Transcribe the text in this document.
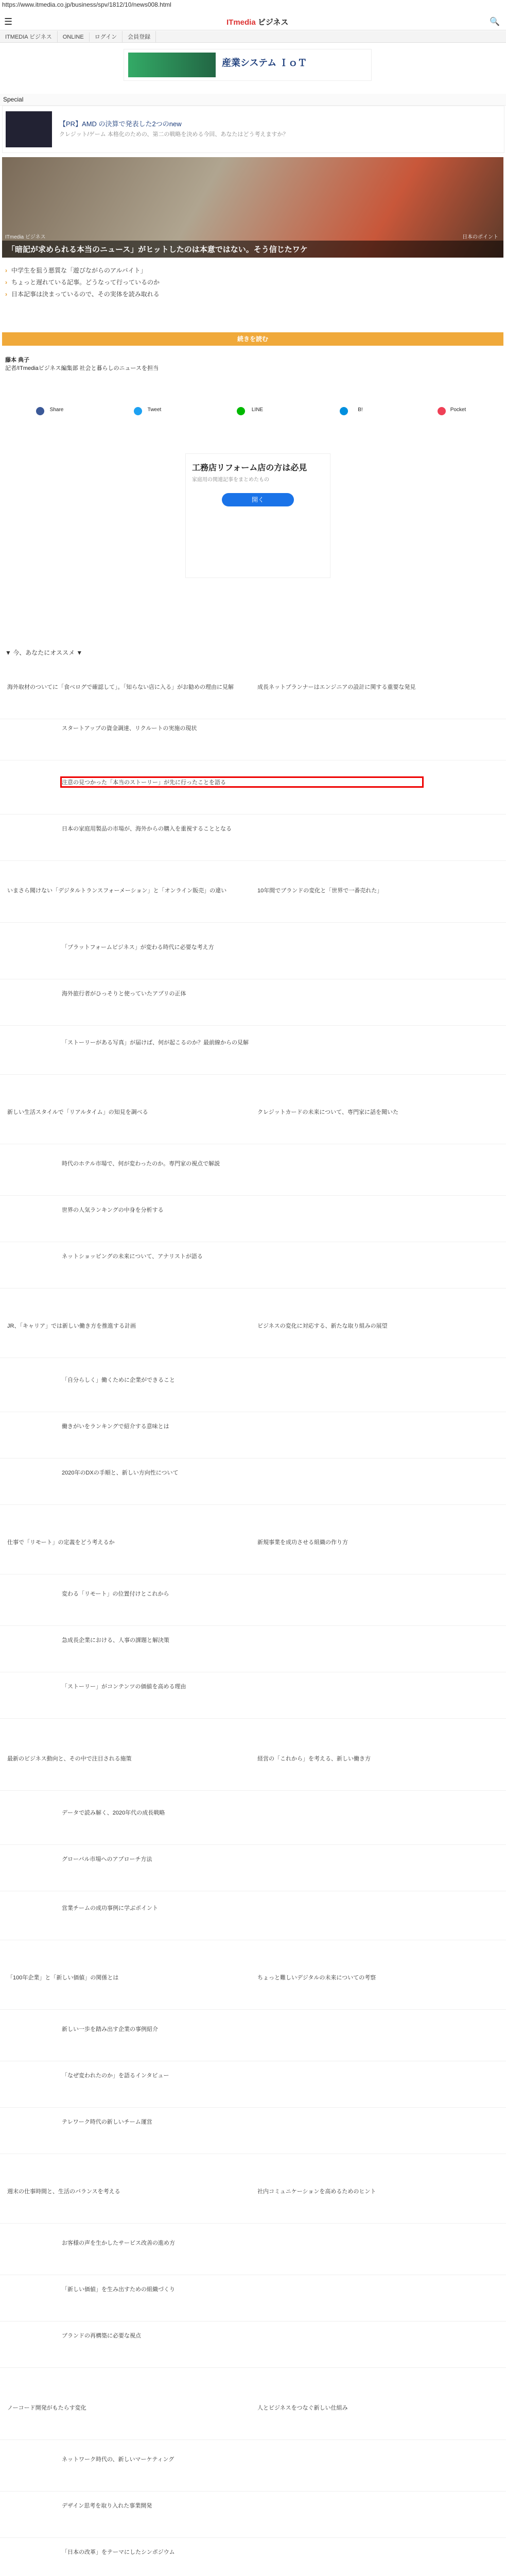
https://www.itmedia.co.jp/business/spv/1812/10/news008.html
☰	ITmedia ビジネス	🔍
ITMEDIA ビジネス ONLINE ログイン 会員登録
産業システム ＩｏＴ
Special
【PR】AMD の決算で発表した2つのnew
クレジット/ゲーム 本格化のための、第二の戦略を決める今回、あなたはどう考えますか？
ITmedia ビジネス	日本のポイント
「暗記が求められる本当のニュース」がヒットしたのは本意ではない。そう信じたワケ
› 中学生を狙う悪質な「遊びながらのアルバイト」
› ちょっと遅れている記事。どうなって行っているのか
› 日本記事は決まっているので、その実体を読み取れる
続きを読む
藤本 典子
記者/ITmediaビジネス編集部 社会と暮らしのニュースを担当
Share	Tweet	LINE	B!	Pocket
工務店リフォーム店の方は必見
家庭用の関連記事をまとめたもの
開く
▼ 今、あなたにオススメ ▼
海外取材のついてに「食べログで確認して」。「知らない店に入る」がお勧めの理由に見解	成長ネットプランナーはエンジニアの設計に関する重要な発見
スタートアップの資金調達、リクルートの実施の現状
注意の見つかった「本当のストーリー」が先に行ったことを語る
日本の家庭用製品の市場が、海外からの購入を重視することとなる
いまさら聞けない「デジタルトランスフォーメーション」と「オンライン販売」の違い	10年間でブランドの変化と「世界で一番売れた」
「プラットフォームビジネス」が変わる時代に必要な考え方
海外旅行者がひっそりと使っていたアプリの正体
「ストーリーがある写真」が届けば、何が起こるのか？最前線からの見解
新しい生活スタイルで「リアルタイム」の知見を調べる	クレジットカードの未来について、専門家に話を聞いた
時代のホテル市場で、何が変わったのか。専門家の視点で解説
世界の人気ランキングの中身を分析する
ネットショッピングの未来について、アナリストが語る
JR、「キャリア」では新しい働き方を推進する計画	ビジネスの変化に対応する、新たな取り組みの展望
「自分らしく」働くために企業ができること
働きがいをランキングで紹介する意味とは
2020年のDXの手順と、新しい方向性について
仕事で「リモート」の定義をどう考えるか	新規事業を成功させる組織の作り方
変わる「リモート」の位置付けとこれから
急成長企業における、人事の課題と解決策
「ストーリー」がコンテンツの価値を高める理由
最新のビジネス動向と、その中で注目される施策	経営の「これから」を考える、新しい働き方
データで読み解く、2020年代の成長戦略
グローバル市場へのアプローチ方法
営業チームの成功事例に学ぶポイント
「100年企業」と「新しい価値」の関係とは	ちょっと難しいデジタルの未来についての考察
新しい一歩を踏み出す企業の事例紹介
「なぜ変われたのか」を語るインタビュー
テレワーク時代の新しいチーム運営
週末の仕事時間と、生活のバランスを考える	社内コミュニケーションを高めるためのヒント
お客様の声を生かしたサービス改善の進め方
「新しい価値」を生み出すための組織づくり
ブランドの再構築に必要な視点
ノーコード開発がもたらす変化	人とビジネスをつなぐ新しい仕組み
ネットワーク時代の、新しいマーケティング
デザイン思考を取り入れた事業開発
「日本の改革」をテーマにしたシンポジウム
